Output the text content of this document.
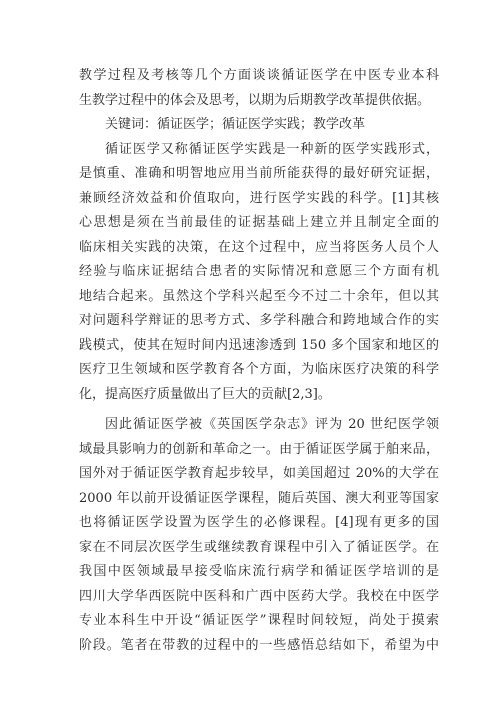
教学过程及考核等几个方面谈谈循证医学在中医专业本科
生教学过程中的体会及思考，以期为后期教学改革提供依据。
关键词：循证医学；循证医学实践；教学改革
循证医学又称循证医学实践是一种新的医学实践形式，
是慎重、准确和明智地应用当前所能获得的最好研究证据，
兼顾经济效益和价值取向，进行医学实践的科学。[1]其核
心思想是须在当前最佳的证据基础上建立并且制定全面的
临床相关实践的决策，在这个过程中，应当将医务人员个人
经验与临床证据结合患者的实际情况和意愿三个方面有机
地结合起来。虽然这个学科兴起至今不过二十余年，但以其
对问题科学辩证的思考方式、多学科融合和跨地域合作的实
践模式，使其在短时间内迅速渗透到 150 多个国家和地区的
医疗卫生领域和医学教育各个方面，为临床医疗决策的科学
化，提高医疗质量做出了巨大的贡献[2,3]。
因此循证医学被《英国医学杂志》评为 20 世纪医学领
域最具影响力的创新和革命之一。由于循证医学属于舶来品，
国外对于循证医学教育起步较早，如美国超过 20%的大学在
2000 年以前开设循证医学课程，随后英国、澳大利亚等国家
也将循证医学设置为医学生的必修课程。[4]现有更多的国
家在不同层次医学生或继续教育课程中引入了循证医学。在
我国中医领域最早接受临床流行病学和循证医学培训的是
四川大学华西医院中医科和广西中医药大学。我校在中医学
专业本科生中开设“循证医学”课程时间较短，尚处于摸索
阶段。笔者在带教的过程中的一些感悟总结如下，希望为中
